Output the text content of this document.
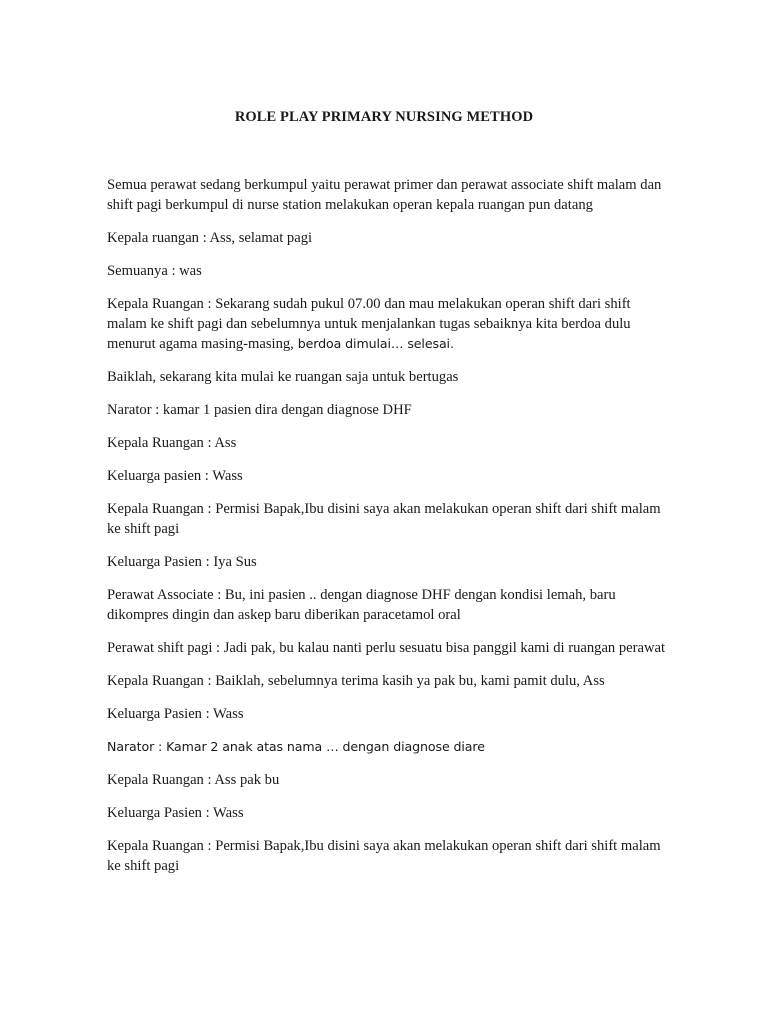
ROLE PLAY PRIMARY NURSING METHOD

Semua perawat sedang berkumpul yaitu perawat primer dan perawat associate shift malam dan shift pagi berkumpul di nurse station melakukan operan kepala ruangan pun datang

Kepala ruangan : Ass, selamat pagi

Semuanya : was

Kepala Ruangan : Sekarang sudah pukul 07.00 dan mau melakukan operan shift dari shift malam ke shift pagi dan sebelumnya untuk menjalankan tugas sebaiknya kita berdoa dulu menurut agama masing-masing, berdoa dimulai… selesai.

Baiklah, sekarang kita mulai ke ruangan saja untuk bertugas

Narator : kamar 1 pasien dira dengan diagnose DHF

Kepala Ruangan : Ass

Keluarga pasien : Wass

Kepala Ruangan : Permisi Bapak,Ibu disini saya akan melakukan operan shift dari shift malam ke shift pagi

Keluarga Pasien : Iya Sus

Perawat Associate : Bu, ini pasien .. dengan diagnose DHF dengan kondisi lemah, baru dikompres dingin dan askep baru diberikan paracetamol oral

Perawat shift pagi : Jadi pak, bu kalau nanti perlu sesuatu bisa panggil kami di ruangan perawat

Kepala Ruangan : Baiklah, sebelumnya terima kasih ya pak bu, kami pamit dulu, Ass

Keluarga Pasien : Wass

Narator : Kamar 2 anak atas nama … dengan diagnose diare

Kepala Ruangan : Ass pak bu

Keluarga Pasien : Wass

Kepala Ruangan : Permisi Bapak,Ibu disini saya akan melakukan operan shift dari shift malam ke shift pagi
